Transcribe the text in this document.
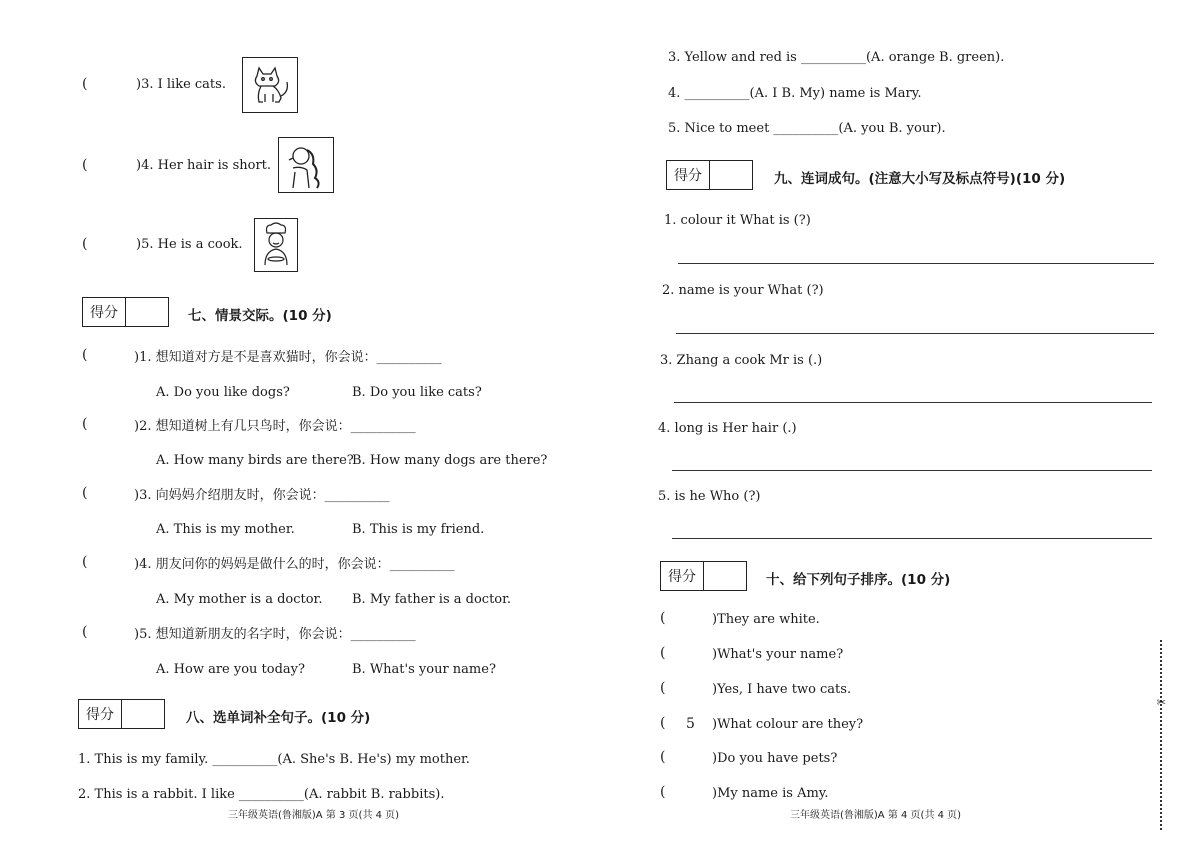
(	)3. I like cats.
(	)4. Her hair is short.
(	)5. He is a cook.
得分	七、情景交际。(10 分)
(	)1. 想知道对方是不是喜欢猫时，你会说：__________
A. Do you like dogs?	B. Do you like cats?
(	)2. 想知道树上有几只鸟时，你会说：__________
A. How many birds are there?
B. How many dogs are there?
(	)3. 向妈妈介绍朋友时，你会说：__________
A. This is my mother.	B. This is my friend.
(	)4. 朋友问你的妈妈是做什么的时，你会说：__________
A. My mother is a doctor. B. My father is a doctor.
(	)5. 想知道新朋友的名字时，你会说：__________
A. How are you today?	B. What's your name?
得分	八、选单词补全句子。(10 分)
1. This is my family. __________(A. She's B. He's) my mother.
2. This is a rabbit. I like __________(A. rabbit B. rabbits).
三年级英语(鲁湘版)A 第 3 页(共 4 页)
3. Yellow and red is __________(A. orange B. green).
4. __________(A. I B. My) name is Mary.
5. Nice to meet __________(A. you B. your).
得分	九、连词成句。(注意大小写及标点符号)(10 分)
1. colour it What is (?)
2. name is your What (?)
3. Zhang a cook Mr is (.)
4. long is Her hair (.)
5. is he Who (?)
得分	十、给下列句子排序。(10 分)
(	)They are white.
(	)What's your name?
(	)Yes, I have two cats.
( 5 )What colour are they?
(	)Do you have pets?
(	)My name is Amy.
三年级英语(鲁湘版)A 第 4 页(共 4 页)
✂
